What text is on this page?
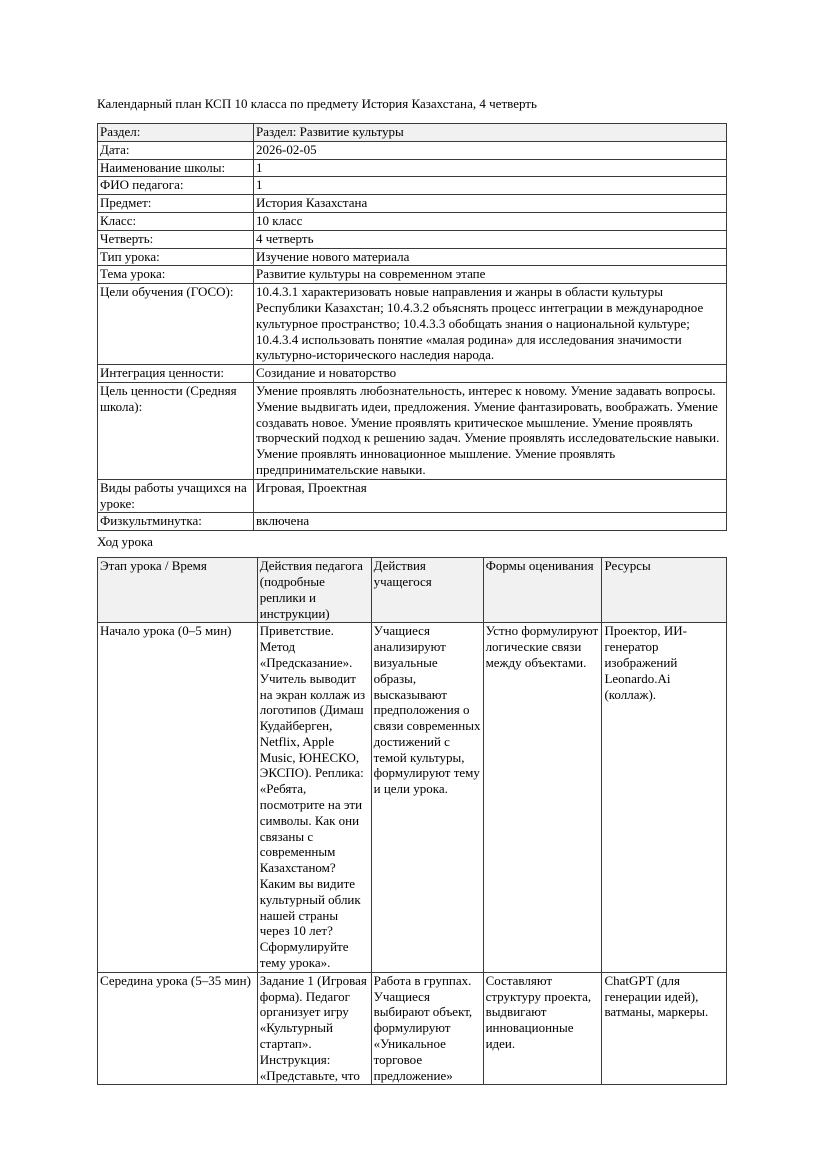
Календарный план КСП 10 класса по предмету История Казахстана, 4 четверть

Раздел:	Раздел: Развитие культуры
Дата:	2026-02-05
Наименование школы:	1
ФИО педагога:	1
Предмет:	История Казахстана
Класс:	10 класс
Четверть:	4 четверть
Тип урока:	Изучение нового материала
Тема урока:	Развитие культуры на современном этапе
Цели обучения (ГОСО):	10.4.3.1 характеризовать новые направления и жанры в области культуры Республики Казахстан; 10.4.3.2 объяснять процесс интеграции в международное культурное пространство; 10.4.3.3 обобщать знания о национальной культуре; 10.4.3.4 использовать понятие «малая родина» для исследования значимости культурно-исторического наследия народа.
Интеграция ценности:	Созидание и новаторство
Цель ценности (Средняя школа):	Умение проявлять любознательность, интерес к новому. Умение задавать вопросы. Умение выдвигать идеи, предложения. Умение фантазировать, воображать. Умение создавать новое. Умение проявлять критическое мышление. Умение проявлять творческий подход к решению задач. Умение проявлять исследовательские навыки. Умение проявлять инновационное мышление. Умение проявлять предпринимательские навыки.
Виды работы учащихся на уроке:	Игровая, Проектная
Физкультминутка:	включена

Ход урока

Этап урока / Время	Действия педагога (подробные реплики и инструкции)	Действия учащегося	Формы оценивания	Ресурсы
Начало урока (0–5 мин)	Приветствие. Метод «Предсказание». Учитель выводит на экран коллаж из логотипов (Димаш Кудайберген, Netflix, Apple Music, ЮНЕСКО, ЭКСПО). Реплика: «Ребята, посмотрите на эти символы. Как они связаны с современным Казахстаном? Каким вы видите культурный облик нашей страны через 10 лет? Сформулируйте тему урока».	Учащиеся анализируют визуальные образы, высказывают предположения о связи современных достижений с темой культуры, формулируют тему и цели урока.	Устно формулируют логические связи между объектами.	Проектор, ИИ-генератор изображений Leonardo.Ai (коллаж).
Середина урока (5–35 мин)	Задание 1 (Игровая форма). Педагог организует игру «Культурный стартап». Инструкция: «Представьте, что	Работа в группах. Учащиеся выбирают объект, формулируют «Уникальное торговое предложение»	Составляют структуру проекта, выдвигают инновационные идеи.	ChatGPT (для генерации идей), ватманы, маркеры.
